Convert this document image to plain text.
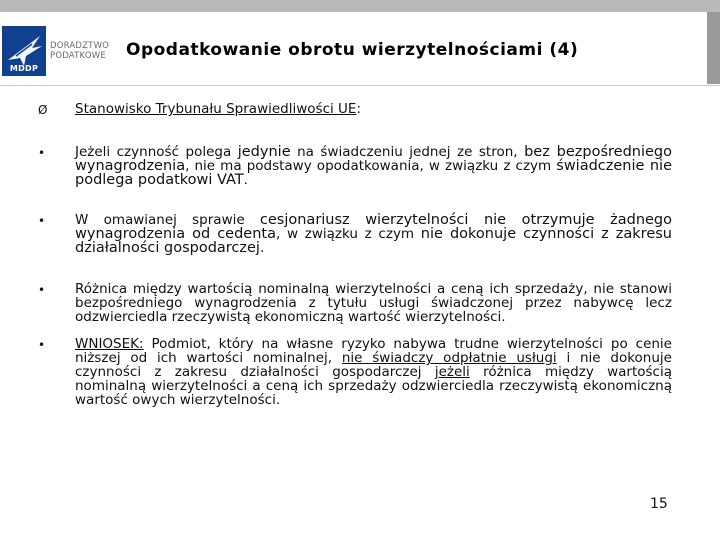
MDDP
DORADZTWO
PODATKOWE Opodatkowanie obrotu wierzytelnościami (4)
Ø Stanowisko Trybunału Sprawiedliwości UE:
• Jeżeli czynność polega jedynie na świadczeniu jednej ze stron, bez bezpośredniego wynagrodzenia, nie ma podstawy opodatkowania, w związku z czym świadczenie nie podlega podatkowi VAT.
• W omawianej sprawie cesjonariusz wierzytelności nie otrzymuje żadnego wynagrodzenia od cedenta, w związku z czym nie dokonuje czynności z zakresu działalności gospodarczej.
• Różnica między wartością nominalną wierzytelności a ceną ich sprzedaży, nie stanowi bezpośredniego wynagrodzenia z tytułu usługi świadczonej przez nabywcę lecz odzwierciedla rzeczywistą ekonomiczną wartość wierzytelności.
• WNIOSEK: Podmiot, który na własne ryzyko nabywa trudne wierzytelności po cenie niższej od ich wartości nominalnej, nie świadczy odpłatnie usługi i nie dokonuje czynności z zakresu działalności gospodarczej jeżeli różnica między wartością nominalną wierzytelności a ceną ich sprzedaży odzwierciedla rzeczywistą ekonomiczną wartość owych wierzytelności.
15
